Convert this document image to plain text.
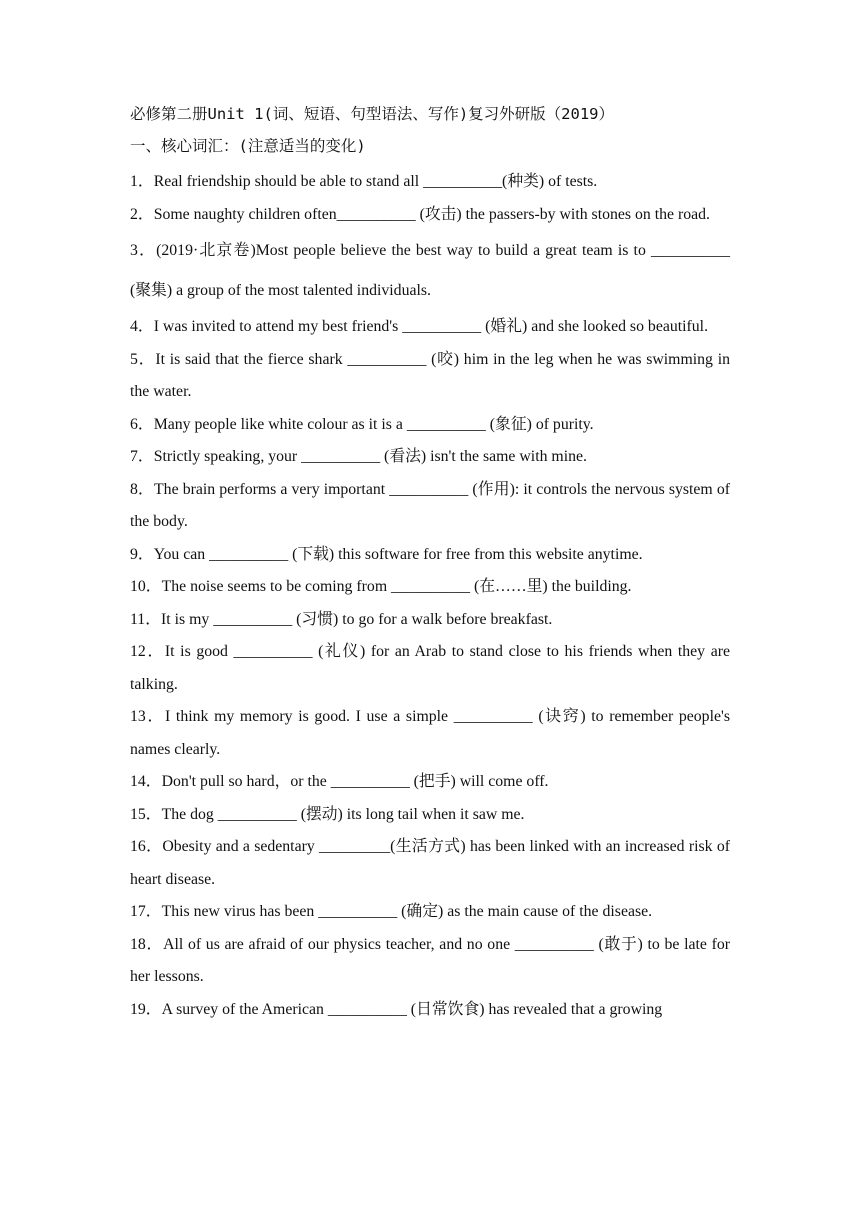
必修第二册Unit 1(词、短语、句型语法、写作)复习外研版（2019）
一、核心词汇：(注意适当的变化)

1．Real friendship should be able to stand all __________(种类) of tests.

2．Some naughty children often__________ (攻击) the passers-by with stones on the road.

3．(2019·北京卷)Most people believe the best way to build a great team is to __________ (聚集) a group of the most talented individuals.

4．I was invited to attend my best friend's __________ (婚礼) and she looked so beautiful.

5．It is said that the fierce shark __________ (咬) him in the leg when he was swimming in the water.

6．Many people like white colour as it is a __________ (象征) of purity.

7．Strictly speaking, your __________ (看法) isn't the same with mine.

8．The brain performs a very important __________ (作用): it controls the nervous system of the body.

9．You can __________ (下载) this software for free from this website anytime.

10．The noise seems to be coming from __________ (在……里) the building.

11．It is my __________ (习惯) to go for a walk before breakfast.

12．It is good __________ (礼仪) for an Arab to stand close to his friends when they are talking.

13．I think my memory is good. I use a simple __________ (诀窍) to remember people's names clearly.

14．Don't pull so hard，or the __________ (把手) will come off.

15．The dog __________ (摆动) its long tail when it saw me.

16．Obesity and a sedentary _________(生活方式) has been linked with an increased risk of heart disease.

17．This new virus has been __________ (确定) as the main cause of the disease.

18．All of us are afraid of our physics teacher, and no one __________ (敢于) to be late for her lessons.

19．A survey of the American __________ (日常饮食) has revealed that a growing
